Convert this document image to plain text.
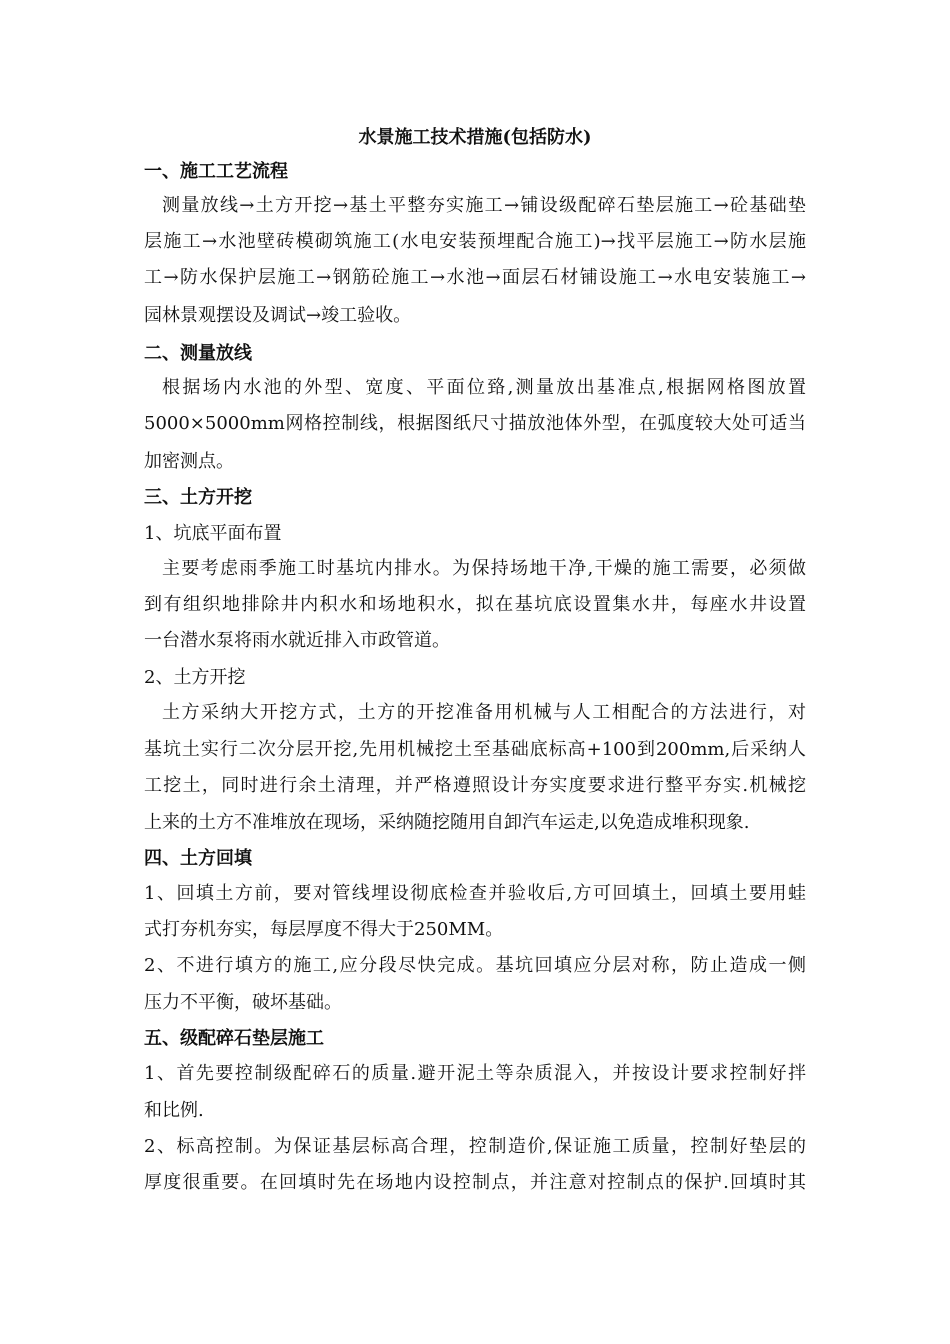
水景施工技术措施(包括防水)

一、施工工艺流程

测量放线→土方开挖→基土平整夯实施工→铺设级配碎石垫层施工→砼基础垫

层施工→水池壁砖模砌筑施工(水电安装预埋配合施工)→找平层施工→防水层施

工→防水保护层施工→钢筋砼施工→水池→面层石材铺设施工→水电安装施工→

园林景观摆设及调试→竣工验收。

二、测量放线

根据场内水池的外型、宽度、平面位臵,测量放出基准点,根据网格图放置

5000×5000mm网格控制线，根据图纸尺寸描放池体外型，在弧度较大处可适当

加密测点。

三、土方开挖

1、坑底平面布置

主要考虑雨季施工时基坑内排水。为保持场地干净,干燥的施工需要，必须做

到有组织地排除井内积水和场地积水，拟在基坑底设置集水井，每座水井设置

一台潜水泵将雨水就近排入市政管道。

2、土方开挖

土方采纳大开挖方式，土方的开挖准备用机械与人工相配合的方法进行，对

基坑土实行二次分层开挖,先用机械挖土至基础底标高+100到200mm,后采纳人

工挖土，同时进行余土清理，并严格遵照设计夯实度要求进行整平夯实.机械挖

上来的土方不准堆放在现场，采纳随挖随用自卸汽车运走,以免造成堆积现象.

四、土方回填

1、回填土方前，要对管线埋设彻底检查并验收后,方可回填土，回填土要用蛙

式打夯机夯实，每层厚度不得大于250MM。

2、不进行填方的施工,应分段尽快完成。基坑回填应分层对称，防止造成一侧

压力不平衡，破坏基础。

五、级配碎石垫层施工

1、首先要控制级配碎石的质量.避开泥土等杂质混入，并按设计要求控制好拌

和比例.

2、标高控制。为保证基层标高合理，控制造价,保证施工质量，控制好垫层的

厚度很重要。在回填时先在场地内设控制点，并注意对控制点的保护.回填时其
